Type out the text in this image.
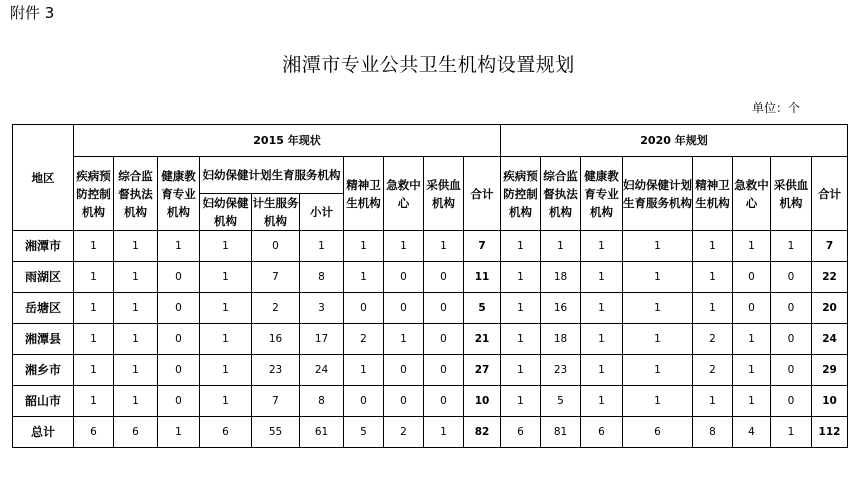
附件 3
湘潭市专业公共卫生机构设置规划
单位：个
地区	2015 年现状										2020 年规划							
	疾病预防控制机构	综合监督执法机构	健康教育专业机构	妇幼保健计划生育服务机构			精神卫生机构	急救中心	采供血机构	合计	疾病预防控制机构	综合监督执法机构	健康教育专业机构	妇幼保健计划生育服务机构	精神卫生机构	急救中心	采供血机构	合计
				妇幼保健机构	计生服务机构	小计												
湘潭市	1	1	1	1	0	1	1	1	1	7	1	1	1	1	1	1	1	7
雨湖区	1	1	0	1	7	8	1	0	0	11	1	18	1	1	1	0	0	22
岳塘区	1	1	0	1	2	3	0	0	0	5	1	16	1	1	1	0	0	20
湘潭县	1	1	0	1	16	17	2	1	0	21	1	18	1	1	2	1	0	24
湘乡市	1	1	0	1	23	24	1	0	0	27	1	23	1	1	2	1	0	29
韶山市	1	1	0	1	7	8	0	0	0	10	1	5	1	1	1	1	0	10
总计	6	6	1	6	55	61	5	2	1	82	6	81	6	6	8	4	1	112
